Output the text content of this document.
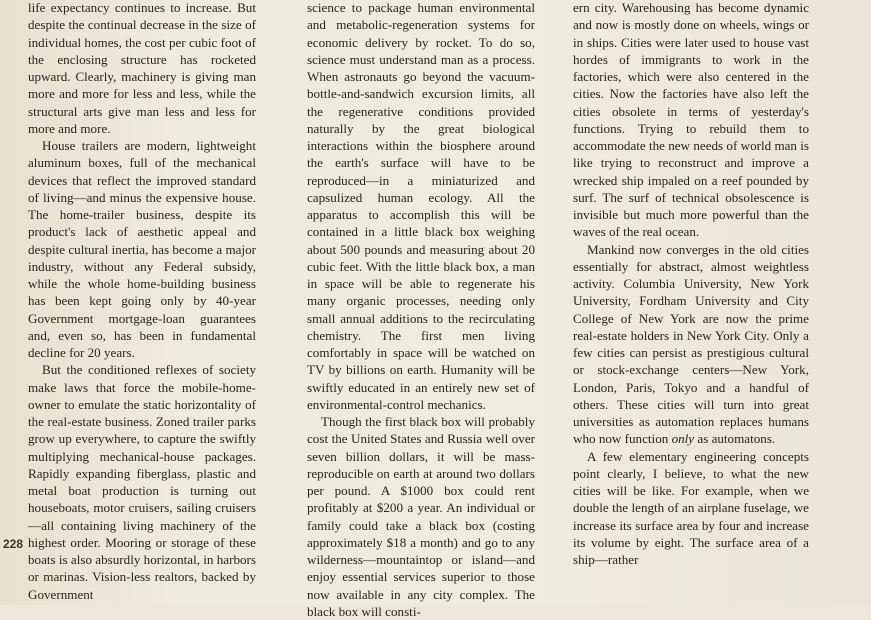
life expectancy continues to increase. But despite the continual decrease in the size of individual homes, the cost per cubic foot of the enclosing structure has rocketed upward. Clearly, machinery is giving man more and more for less and less, while the structural arts give man less and less for more and more.

House trailers are modern, lightweight aluminum boxes, full of the mechanical devices that reflect the improved standard of living—and minus the expensive house. The home-trailer business, despite its product's lack of aesthetic appeal and despite cultural inertia, has become a major industry, without any Federal subsidy, while the whole home-building business has been kept going only by 40-year Government mortgage-loan guarantees and, even so, has been in fundamental decline for 20 years.

But the conditioned reflexes of society make laws that force the mobile-home-owner to emulate the static horizontality of the real-estate business. Zoned trailer parks grow up everywhere, to capture the swiftly multiplying mechanical-house packages. Rapidly expanding fiberglass, plastic and metal boat production is turning out houseboats, motor cruisers, sailing cruisers—all containing living machinery of the highest order. Mooring or storage of these boats is also absurdly horizontal, in harbors or marinas. Vision-less realtors, backed by Government

science to package human environmental and metabolic-regeneration systems for economic delivery by rocket. To do so, science must understand man as a process. When astronauts go beyond the vacuum-bottle-and-sandwich excursion limits, all the regenerative conditions provided naturally by the great biological interactions within the biosphere around the earth's surface will have to be reproduced—in a miniaturized and capsulized human ecology. All the apparatus to accomplish this will be contained in a little black box weighing about 500 pounds and measuring about 20 cubic feet. With the little black box, a man in space will be able to regenerate his many organic processes, needing only small annual additions to the recirculating chemistry. The first men living comfortably in space will be watched on TV by billions on earth. Humanity will be swiftly educated in an entirely new set of environmental-control mechanics.

Though the first black box will probably cost the United States and Russia well over seven billion dollars, it will be mass-reproducible on earth at around two dollars per pound. A $1000 box could rent profitably at $200 a year. An individual or family could take a black box (costing approximately $18 a month) and go to any wilderness—mountaintop or island—and enjoy essential services superior to those now available in any city complex. The black box will consti-

ern city. Warehousing has become dynamic and now is mostly done on wheels, wings or in ships. Cities were later used to house vast hordes of immigrants to work in the factories, which were also centered in the cities. Now the factories have also left the cities obsolete in terms of yesterday's functions. Trying to rebuild them to accommodate the new needs of world man is like trying to reconstruct and improve a wrecked ship impaled on a reef pounded by surf. The surf of technical obsolescence is invisible but much more powerful than the waves of the real ocean.

Mankind now converges in the old cities essentially for abstract, almost weightless activity. Columbia University, New York University, Fordham University and City College of New York are now the prime real-estate holders in New York City. Only a few cities can persist as prestigious cultural or stock-exchange centers—New York, London, Paris, Tokyo and a handful of others. These cities will turn into great universities as automation replaces humans who now function only as automatons.

A few elementary engineering concepts point clearly, I believe, to what the new cities will be like. For example, when we double the length of an airplane fuselage, we increase its surface area by four and increase its volume by eight. The surface area of a ship—rather

228
